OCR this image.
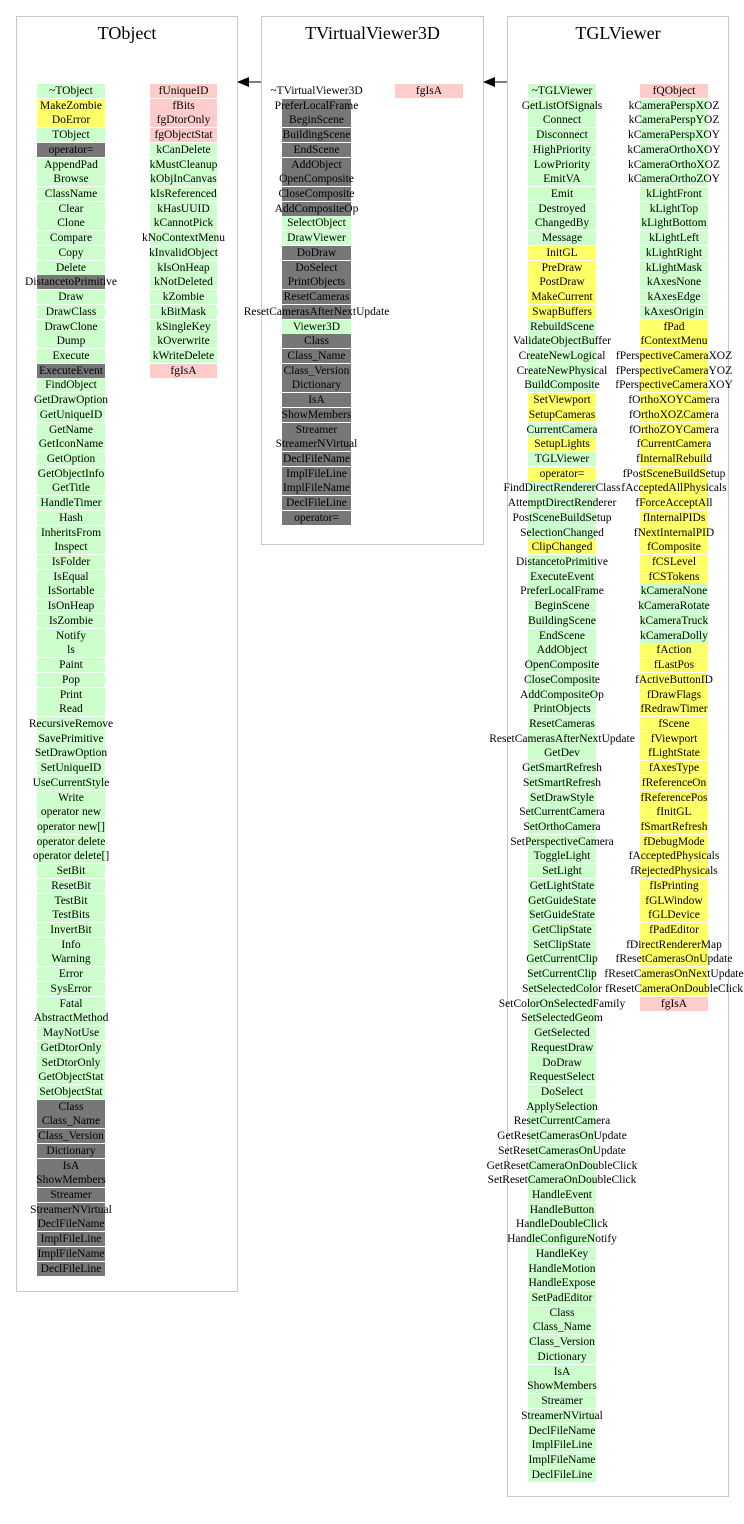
TObject	TVirtualViewer3D	TGLViewer
~TObject
MakeZombie
DoError
TObject
operator=
AppendPad
Browse
ClassName
Clear
Clone
Compare
Copy
Delete
DistancetoPrimitive
Draw
DrawClass
DrawClone
Dump
Execute
ExecuteEvent
FindObject
GetDrawOption
GetUniqueID
GetName
GetIconName
GetOption
GetObjectInfo
GetTitle
HandleTimer
Hash
InheritsFrom
Inspect
IsFolder
IsEqual
IsSortable
IsOnHeap
IsZombie
Notify
ls
Paint
Pop
Print
Read
RecursiveRemove
SavePrimitive
SetDrawOption
SetUniqueID
UseCurrentStyle
Write
operator new
operator new[]
operator delete
operator delete[]
SetBit
ResetBit
TestBit
TestBits
InvertBit
Info
Warning
Error
SysError
Fatal
AbstractMethod
MayNotUse
GetDtorOnly
SetDtorOnly
GetObjectStat
SetObjectStat
Class
Class_Name
Class_Version
Dictionary
IsA
ShowMembers
Streamer
StreamerNVirtual
DeclFileName
ImplFileLine
ImplFileName
DeclFileLine
fUniqueID
fBits
fgDtorOnly
fgObjectStat
kCanDelete
kMustCleanup
kObjInCanvas
kIsReferenced
kHasUUID
kCannotPick
kNoContextMenu
kInvalidObject
kIsOnHeap
kNotDeleted
kZombie
kBitMask
kSingleKey
kOverwrite
kWriteDelete
fgIsA
~TVirtualViewer3D
PreferLocalFrame
BeginScene
BuildingScene
EndScene
AddObject
OpenComposite
CloseComposite
AddCompositeOp
SelectObject
DrawViewer
DoDraw
DoSelect
PrintObjects
ResetCameras
ResetCamerasAfterNextUpdate
Viewer3D
Class
Class_Name
Class_Version
Dictionary
IsA
ShowMembers
Streamer
StreamerNVirtual
DeclFileName
ImplFileLine
ImplFileName
DeclFileLine
operator=
fgIsA	~TGLViewer
GetListOfSignals
Connect
Disconnect
HighPriority
LowPriority
EmitVA
Emit
Destroyed
ChangedBy
Message
InitGL
PreDraw
PostDraw
MakeCurrent
SwapBuffers
RebuildScene
ValidateObjectBuffer
CreateNewLogical
CreateNewPhysical
BuildComposite
SetViewport
SetupCameras
CurrentCamera
SetupLights
TGLViewer
operator=
FindDirectRendererClass
AttemptDirectRenderer
PostSceneBuildSetup
SelectionChanged
ClipChanged
DistancetoPrimitive
ExecuteEvent
PreferLocalFrame
BeginScene
BuildingScene
EndScene
AddObject
OpenComposite
CloseComposite
AddCompositeOp
PrintObjects
ResetCameras
ResetCamerasAfterNextUpdate
GetDev
GetSmartRefresh
SetSmartRefresh
SetDrawStyle
SetCurrentCamera
SetOrthoCamera
SetPerspectiveCamera
ToggleLight
SetLight
GetLightState
GetGuideState
SetGuideState
GetClipState
SetClipState
GetCurrentClip
SetCurrentClip
SetSelectedColor
SetColorOnSelectedFamily
SetSelectedGeom
GetSelected
RequestDraw
DoDraw
RequestSelect
DoSelect
ApplySelection
ResetCurrentCamera
GetResetCamerasOnUpdate
SetResetCamerasOnUpdate
GetResetCameraOnDoubleClick
SetResetCameraOnDoubleClick
HandleEvent
HandleButton
HandleDoubleClick
HandleConfigureNotify
HandleKey
HandleMotion
HandleExpose
SetPadEditor
Class
Class_Name
Class_Version
Dictionary
IsA
ShowMembers
Streamer
StreamerNVirtual
DeclFileName
ImplFileLine
ImplFileName
DeclFileLine
fQObject
kCameraPerspXOZ
kCameraPerspYOZ
kCameraPerspXOY
kCameraOrthoXOY
kCameraOrthoXOZ
kCameraOrthoZOY
kLightFront
kLightTop
kLightBottom
kLightLeft
kLightRight
kLightMask
kAxesNone
kAxesEdge
kAxesOrigin
fPad
fContextMenu
fPerspectiveCameraXOZ
fPerspectiveCameraYOZ
fPerspectiveCameraXOY
fOrthoXOYCamera
fOrthoXOZCamera
fOrthoZOYCamera
fCurrentCamera
fInternalRebuild
fPostSceneBuildSetup
fAcceptedAllPhysicals
fForceAcceptAll
fInternalPIDs
fNextInternalPID
fComposite
fCSLevel
fCSTokens
kCameraNone
kCameraRotate
kCameraTruck
kCameraDolly
fAction
fLastPos
fActiveButtonID
fDrawFlags
fRedrawTimer
fScene
fViewport
fLightState
fAxesType
fReferenceOn
fReferencePos
fInitGL
fSmartRefresh
fDebugMode
fAcceptedPhysicals
fRejectedPhysicals
fIsPrinting
fGLWindow
fGLDevice
fPadEditor
fDirectRendererMap
fResetCamerasOnUpdate
fResetCamerasOnNextUpdate
fResetCameraOnDoubleClick
fgIsA
